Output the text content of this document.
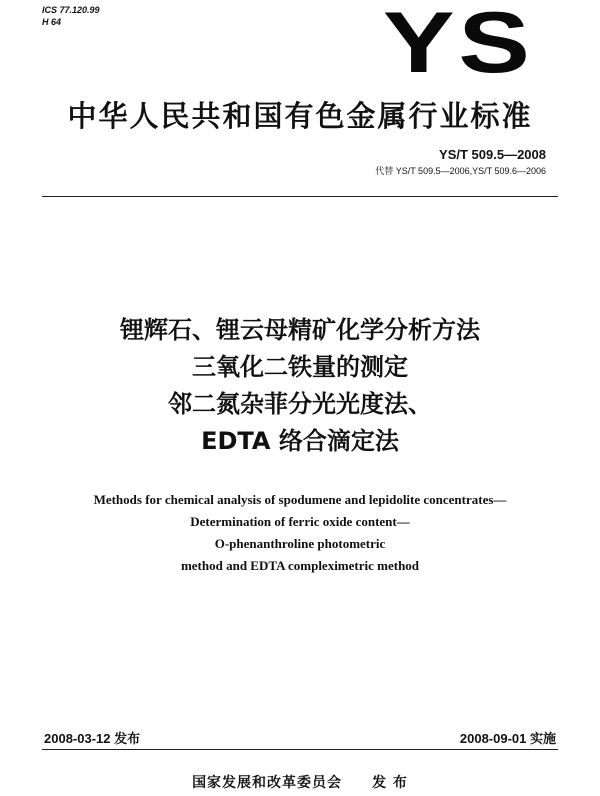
ICS 77.120.99
H 64	YS
中华人民共和国有色金属行业标准
YS/T 509.5—2008
代替 YS/T 509.5—2006,YS/T 509.6—2006
锂辉石、锂云母精矿化学分析方法
三氧化二铁量的测定
邻二氮杂菲分光光度法、
EDTA 络合滴定法
Methods for chemical analysis of spodumene and lepidolite concentrates—
Determination of ferric oxide content—
O-phenanthroline photometric
method and EDTA compleximetric method
2008-03-12 发布	2008-09-01 实施
国家发展和改革委员会 发 布
